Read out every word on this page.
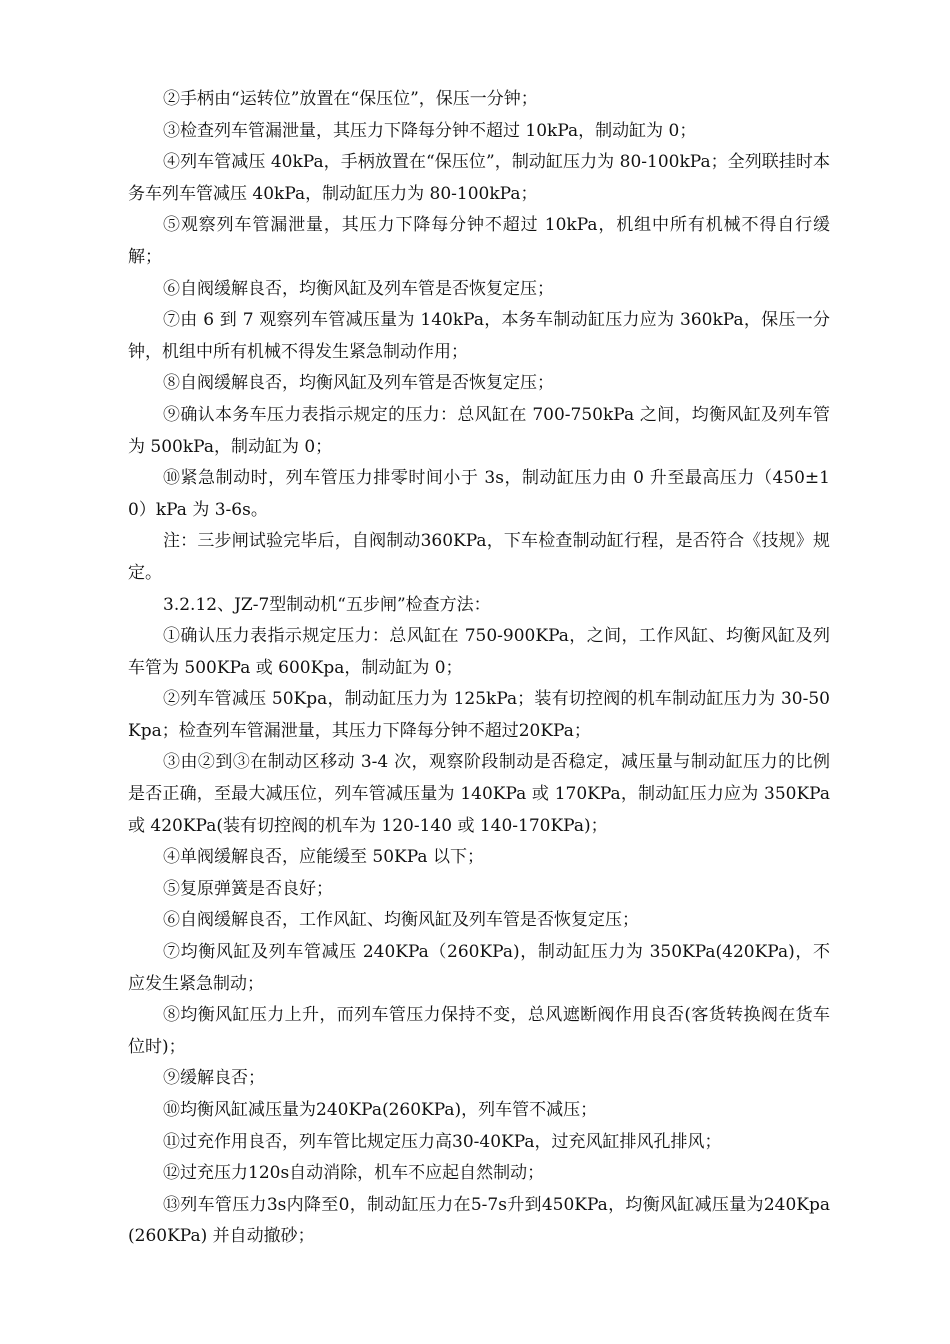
②手柄由“运转位”放置在“保压位”，保压一分钟；

③检查列车管漏泄量，其压力下降每分钟不超过 10kPa，制动缸为 0；

④列车管减压 40kPa，手柄放置在“保压位”，制动缸压力为 80-100kPa；全列联挂时本务车列车管减压 40kPa，制动缸压力为 80-100kPa；

⑤观察列车管漏泄量，其压力下降每分钟不超过 10kPa，机组中所有机械不得自行缓解；

⑥自阀缓解良否，均衡风缸及列车管是否恢复定压；

⑦由 6 到 7 观察列车管减压量为 140kPa，本务车制动缸压力应为 360kPa，保压一分钟，机组中所有机械不得发生紧急制动作用；

⑧自阀缓解良否，均衡风缸及列车管是否恢复定压；

⑨确认本务车压力表指示规定的压力：总风缸在 700-750kPa 之间，均衡风缸及列车管为 500kPa，制动缸为 0；

⑩紧急制动时，列车管压力排零时间小于 3s，制动缸压力由 0 升至最高压力（450±10）kPa 为 3-6s。

注：三步闸试验完毕后，自阀制动360KPa，下车检查制动缸行程，是否符合《技规》规定。

3.2.12、JZ-7型制动机“五步闸”检查方法：

①确认压力表指示规定压力：总风缸在 750-900KPa，之间，工作风缸、均衡风缸及列车管为 500KPa 或 600Kpa，制动缸为 0；

②列车管减压 50Kpa，制动缸压力为 125kPa；装有切控阀的机车制动缸压力为 30-50Kpa；检查列车管漏泄量，其压力下降每分钟不超过20KPa；

③由②到③在制动区移动 3-4 次，观察阶段制动是否稳定，减压量与制动缸压力的比例是否正确，至最大减压位，列车管减压量为 140KPa 或 170KPa，制动缸压力应为 350KPa 或 420KPa(装有切控阀的机车为 120-140 或 140-170KPa)；

④单阀缓解良否，应能缓至 50KPa 以下；

⑤复原弹簧是否良好；

⑥自阀缓解良否，工作风缸、均衡风缸及列车管是否恢复定压；

⑦均衡风缸及列车管减压 240KPa（260KPa)，制动缸压力为 350KPa(420KPa)，不应发生紧急制动；

⑧均衡风缸压力上升，而列车管压力保持不变，总风遮断阀作用良否(客货转换阀在货车位时)；

⑨缓解良否；

⑩均衡风缸减压量为240KPa(260KPa)，列车管不减压；

⑪过充作用良否，列车管比规定压力高30-40KPa，过充风缸排风孔排风；

⑫过充压力120s自动消除，机车不应起自然制动；

⑬列车管压力3s内降至0，制动缸压力在5-7s升到450KPa，均衡风缸减压量为240Kpa(260KPa) 并自动撤砂；
